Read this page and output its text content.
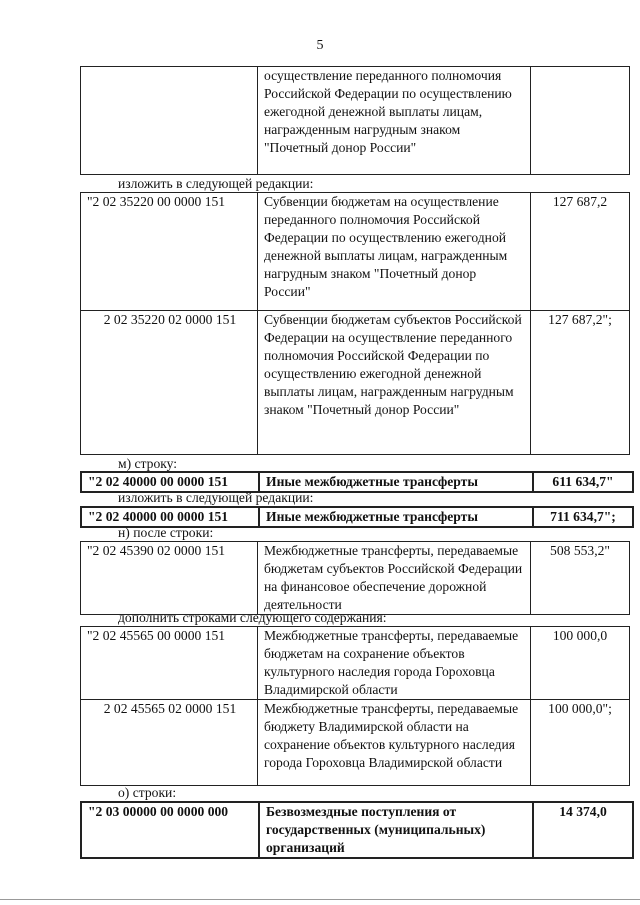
5
	осуществление переданного полномочия Российской Федерации по осуществлению ежегодной денежной выплаты лицам, награжденным нагрудным знаком "Почетный донор России"	
изложить в следующей редакции:
"2 02 35220 00 0000 151	Субвенции бюджетам на осуществление переданного полномочия Российской Федерации по осуществлению ежегодной денежной выплаты лицам, награжденным нагрудным знаком "Почетный донор России"	127 687,2
2 02 35220 02 0000 151	Субвенции бюджетам субъектов Российской Федерации на осуществление переданного полномочия Российской Федерации по осуществлению ежегодной денежной выплаты лицам, награжденным нагрудным знаком "Почетный донор России"	127 687,2";
м) строку:
"2 02 40000 00 0000 151	Иные межбюджетные трансферты	611 634,7"
изложить в следующей редакции:
"2 02 40000 00 0000 151	Иные межбюджетные трансферты	711 634,7";
н) после строки:
"2 02 45390 02 0000 151	Межбюджетные трансферты, передаваемые бюджетам субъектов Российской Федерации на финансовое обеспечение дорожной деятельности	508 553,2"
дополнить строками следующего содержания:
"2 02 45565 00 0000 151	Межбюджетные трансферты, передаваемые бюджетам на сохранение объектов культурного наследия города Гороховца Владимирской области	100 000,0
2 02 45565 02 0000 151	Межбюджетные трансферты, передаваемые бюджету Владимирской области на сохранение объектов культурного наследия города Гороховца Владимирской области	100 000,0";
о) строки:
"2 03 00000 00 0000 000	Безвозмездные поступления от государственных (муниципальных) организаций	14 374,0
